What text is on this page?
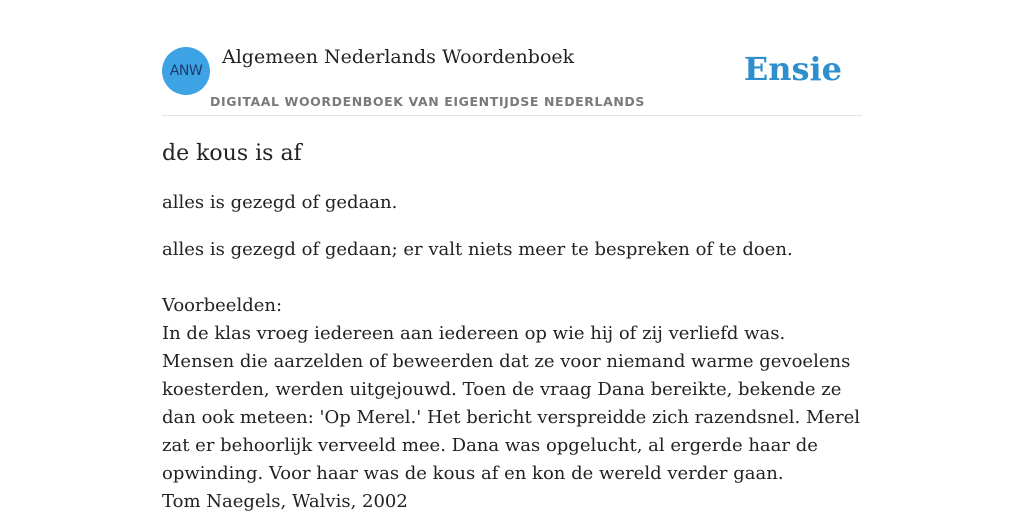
ANW
Algemeen Nederlands Woordenboek
DIGITAAL WOORDENBOEK VAN EIGENTIJDSE NEDERLANDS
Ensie
de kous is af

alles is gezegd of gedaan.

alles is gezegd of gedaan; er valt niets meer te bespreken of te doen.

Voorbeelden:

In de klas vroeg iedereen aan iedereen op wie hij of zij verliefd was. Mensen die aarzelden of beweerden dat ze voor niemand warme gevoelens koesterden, werden uitgejouwd. Toen de vraag Dana bereikte, bekende ze dan ook meteen: 'Op Merel.' Het bericht verspreidde zich razendsnel. Merel zat er behoorlijk verveeld mee. Dana was opgelucht, al ergerde haar de opwinding. Voor haar was de kous af en kon de wereld verder gaan.

Tom Naegels, Walvis, 2002
